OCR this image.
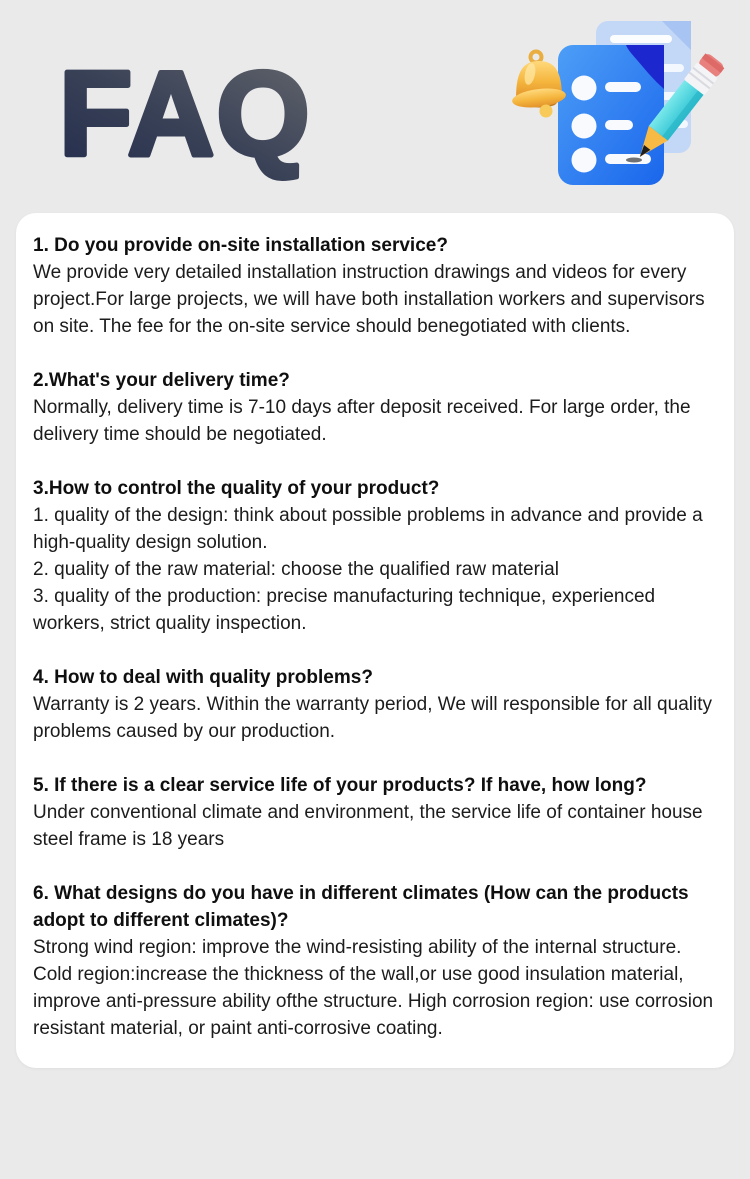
FAQ

1. Do you provide on-site installation service?

We provide very detailed installation instruction drawings and videos for every project.For large projects, we will have both installation workers and supervisors on site. The fee for the on-site service should benegotiated with clients.

2.What's your delivery time?

Normally, delivery time is 7-10 days after deposit received. For large order, the delivery time should be negotiated.

3.How to control the quality of your product?

1. quality of the design: think about possible problems in advance and provide a high-quality design solution.

2. quality of the raw material: choose the qualified raw material

3. quality of the production: precise manufacturing technique, experienced workers, strict quality inspection.

4. How to deal with quality problems?

Warranty is 2 years. Within the warranty period, We will responsible for all quality problems caused by our production.

5. If there is a clear service life of your products? If have, how long?

Under conventional climate and environment, the service life of container house steel frame is 18 years

6. What designs do you have in different climates (How can the products adopt to different climates)?

Strong wind region: improve the wind-resisting ability of the internal structure. Cold region:increase the thickness of the wall,or use good insulation material, improve anti-pressure ability ofthe structure. High corrosion region: use corrosion resistant material, or paint anti-corrosive coating.
